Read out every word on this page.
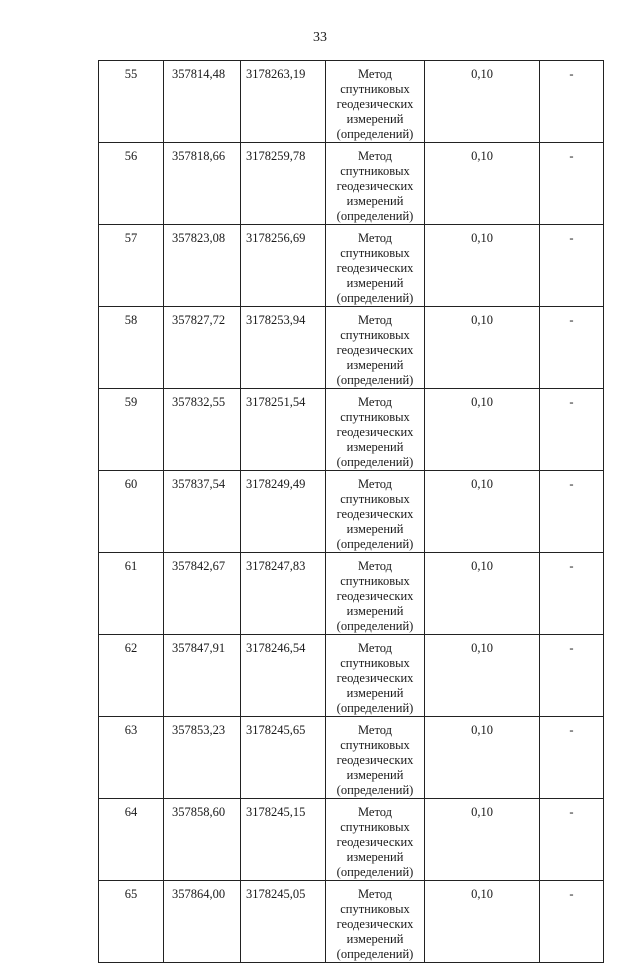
33
55	357814,48	3178263,19	Метод спутниковых
геодезических
измерений
(определений)	0,10	-

56	357818,66	3178259,78	Метод спутниковых
геодезических
измерений
(определений)	0,10	-

57	357823,08	3178256,69	Метод спутниковых
геодезических
измерений
(определений)	0,10	-

58	357827,72	3178253,94	Метод спутниковых
геодезических
измерений
(определений)	0,10	-

59	357832,55	3178251,54	Метод спутниковых
геодезических
измерений
(определений)	0,10	-

60	357837,54	3178249,49	Метод спутниковых
геодезических
измерений
(определений)	0,10	-

61	357842,67	3178247,83	Метод спутниковых
геодезических
измерений
(определений)	0,10	-

62	357847,91	3178246,54	Метод спутниковых
геодезических
измерений
(определений)	0,10	-

63	357853,23	3178245,65	Метод спутниковых
геодезических
измерений
(определений)	0,10	-

64	357858,60	3178245,15	Метод спутниковых
геодезических
измерений
(определений)	0,10	-

65	357864,00	3178245,05	Метод спутниковых
геодезических
измерений
(определений)	0,10	-
